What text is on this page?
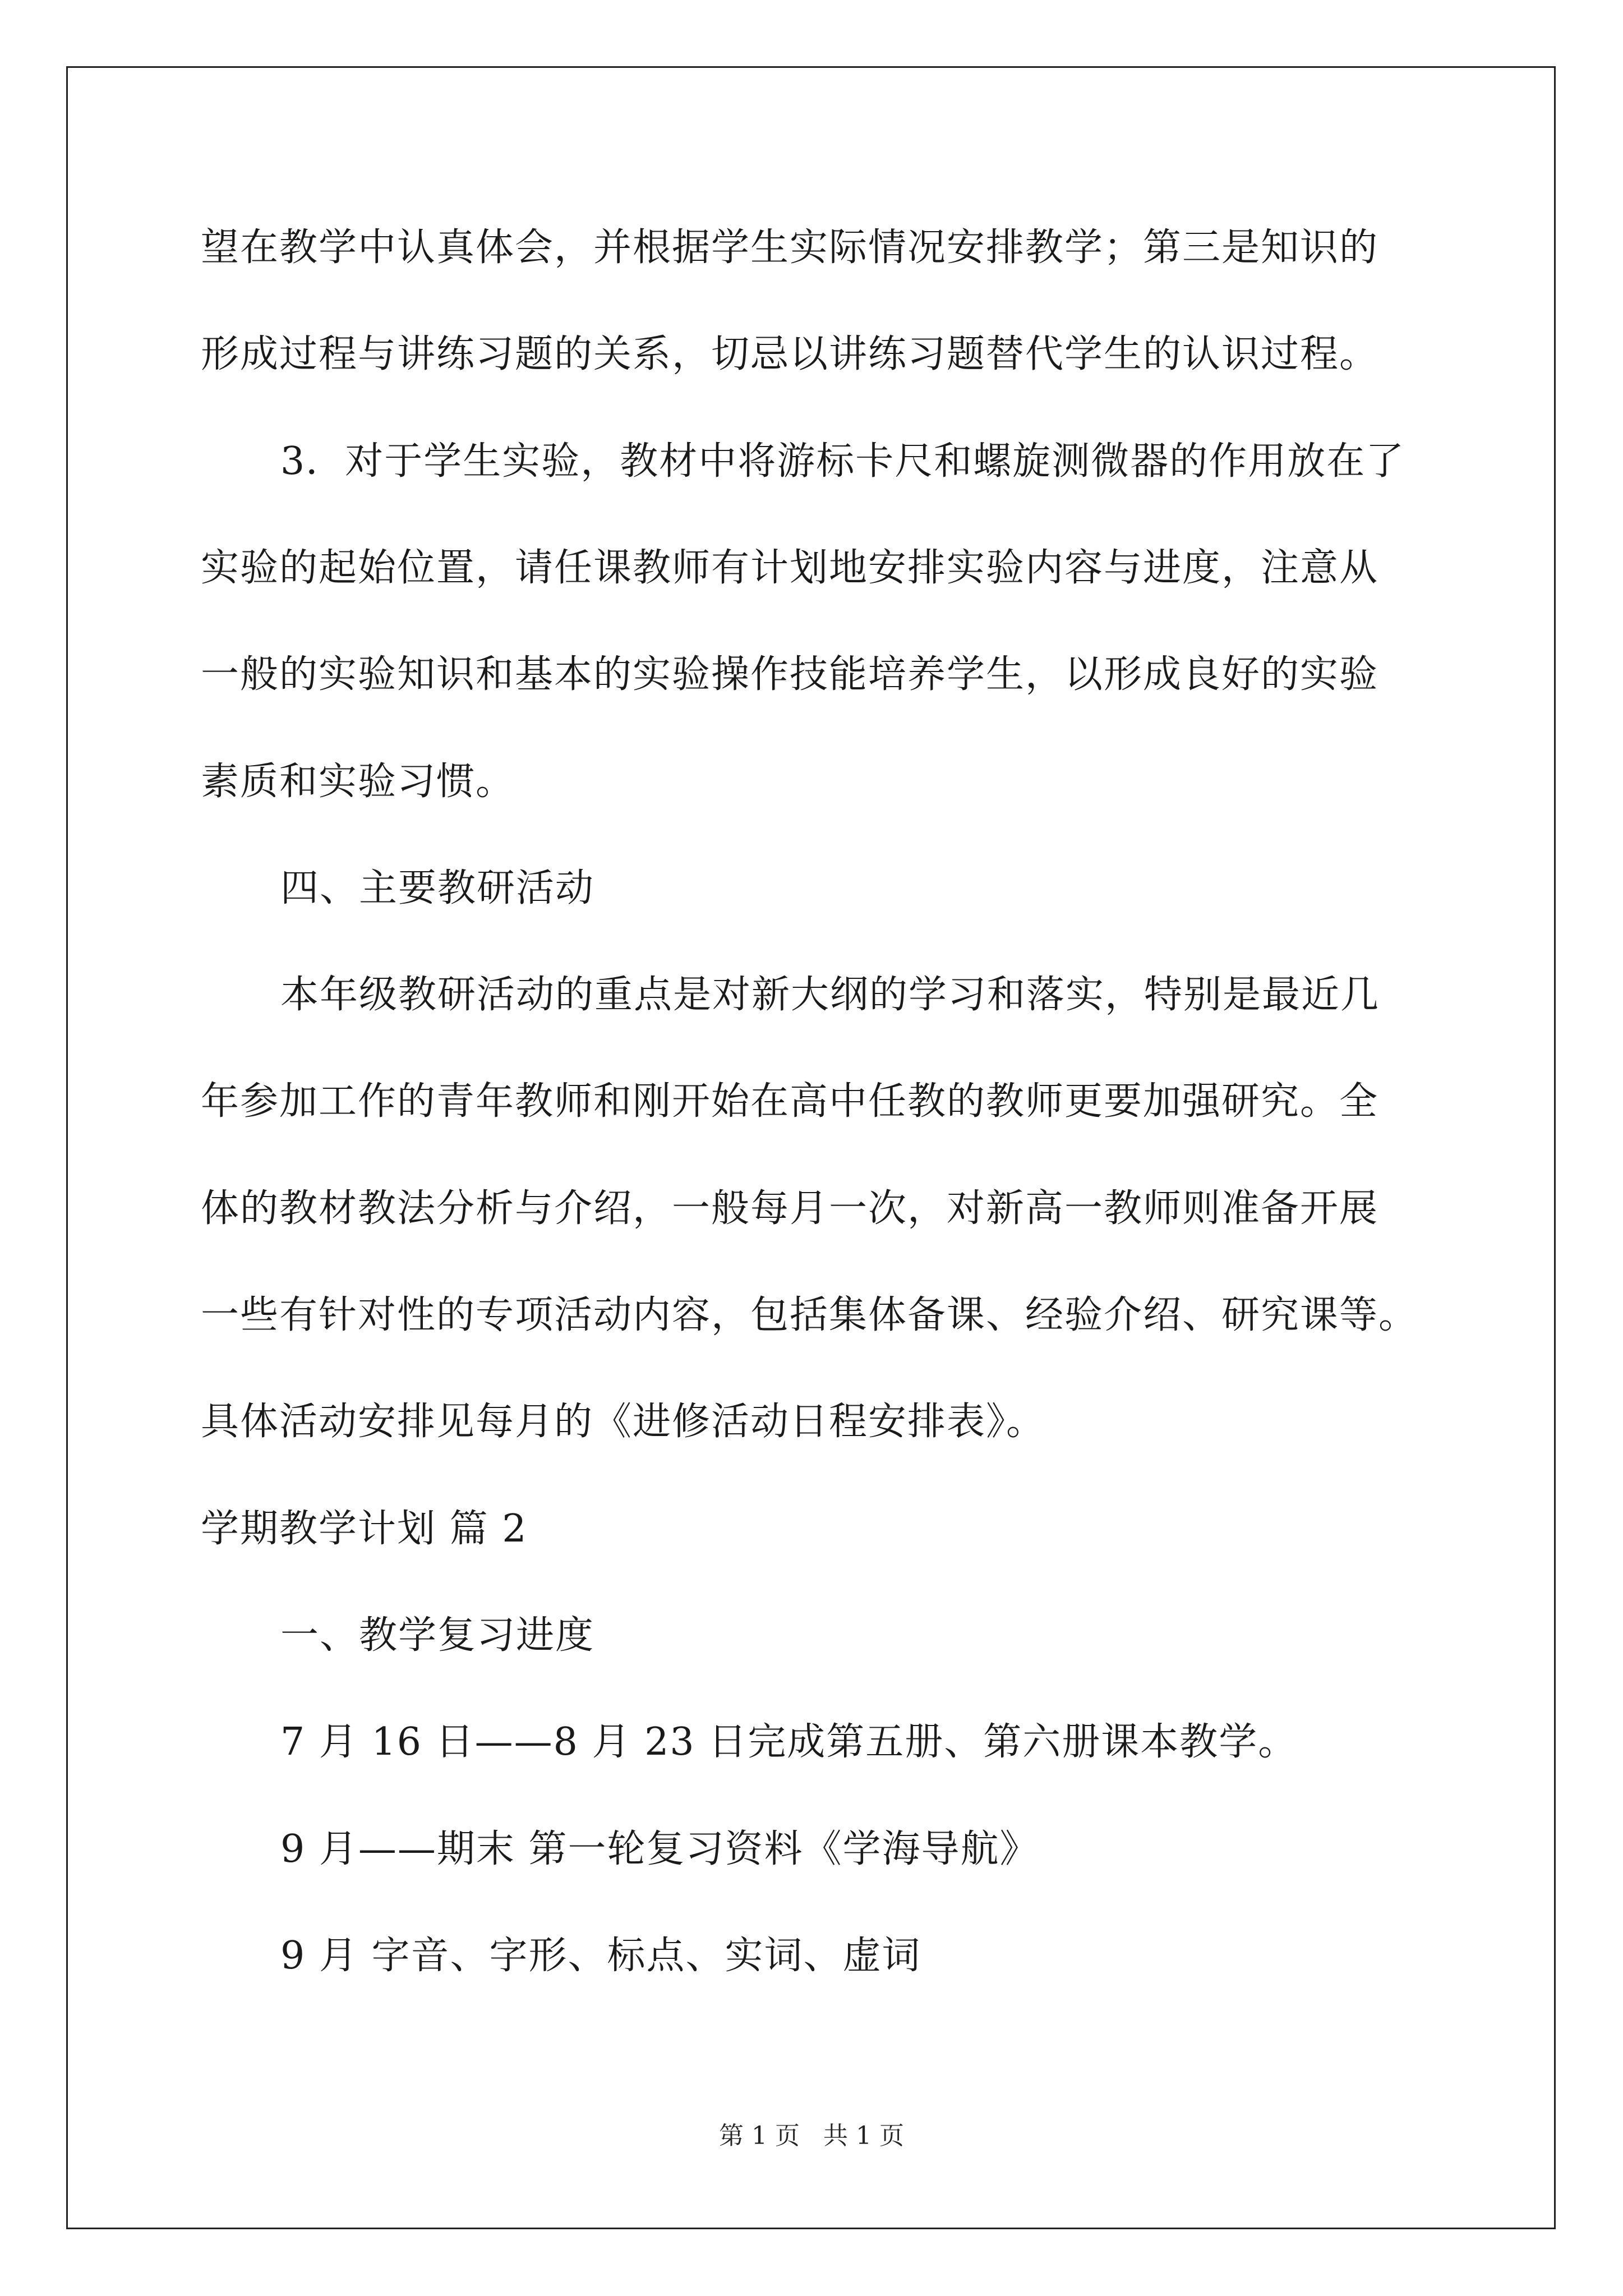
望在教学中认真体会，并根据学生实际情况安排教学；第三是知识的
形成过程与讲练习题的关系，切忌以讲练习题替代学生的认识过程。
3．对于学生实验，教材中将游标卡尺和螺旋测微器的作用放在了
实验的起始位置，请任课教师有计划地安排实验内容与进度，注意从
一般的实验知识和基本的实验操作技能培养学生，以形成良好的实验
素质和实验习惯。
四、主要教研活动
本年级教研活动的重点是对新大纲的学习和落实，特别是最近几
年参加工作的青年教师和刚开始在高中任教的教师更要加强研究。全
体的教材教法分析与介绍，一般每月一次，对新高一教师则准备开展
一些有针对性的专项活动内容，包括集体备课、经验介绍、研究课等。
具体活动安排见每月的《进修活动日程安排表》。
学期教学计划 篇 2
一、教学复习进度
7 月 16 日——8 月 23 日完成第五册、第六册课本教学。
9 月——期末 第一轮复习资料《学海导航》
9 月 字音、字形、标点、实词、虚词
第 1 页 共 1 页
